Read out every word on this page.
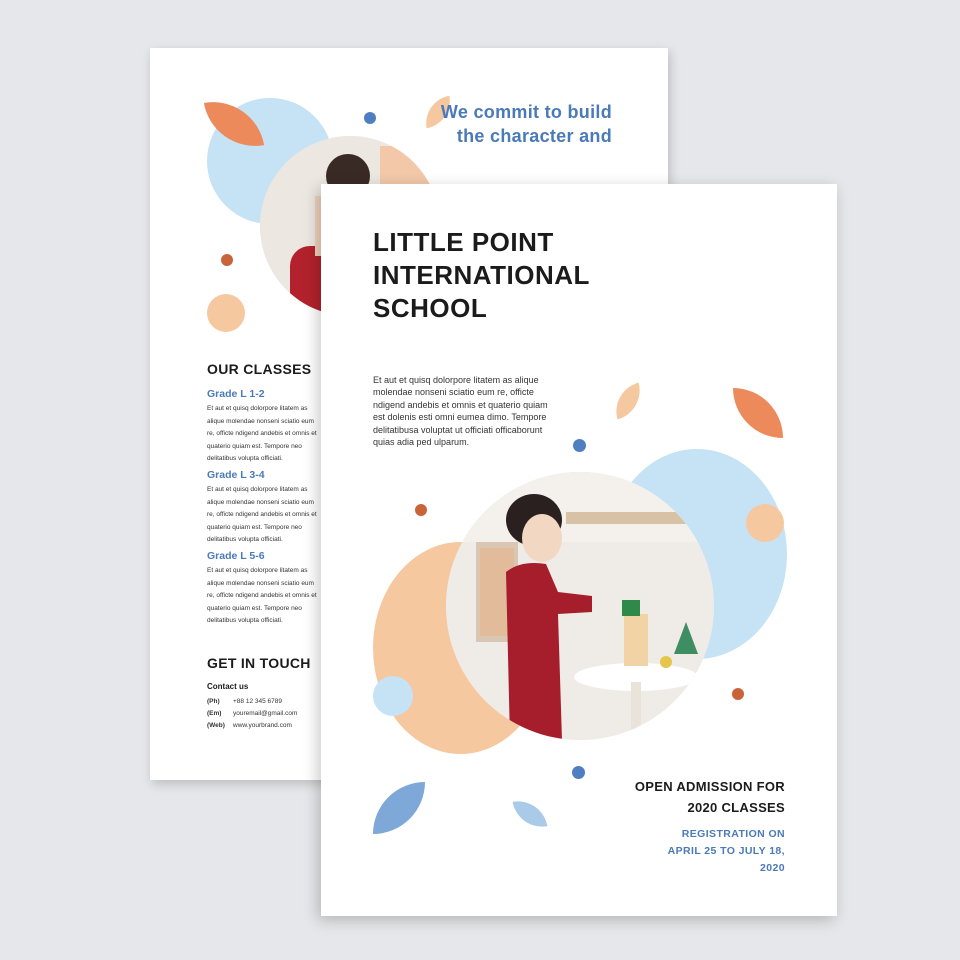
We commit to build the character and
OUR CLASSES
Grade L 1-2
Et aut et quisq dolorpore litatem as alique molendae nonseni sciatio eum re, officte ndigend andebis et omnis et quaterio quiam est. Tempore neo delitatibus volupta officiati.
Grade L 3-4
Et aut et quisq dolorpore litatem as alique molendae nonseni sciatio eum re, officte ndigend andebis et omnis et quaterio quiam est. Tempore neo delitatibus volupta officiati.
Grade L 5-6
Et aut et quisq dolorpore litatem as alique molendae nonseni sciatio eum re, officte ndigend andebis et omnis et quaterio quiam est. Tempore neo delitatibus volupta officiati.
GET IN TOUCH
Contact us
(Ph) +88 12 345 6789
(Em) youremail@gmail.com
(Web) www.yourbrand.com
LITTLE POINT INTERNATIONAL SCHOOL
Et aut et quisq dolorpore litatem as alique molendae nonseni sciatio eum re, officte ndigend andebis et omnis et quaterio quiam est dolenis esti omni eumea dimo. Tempore delitatibusa voluptat ut officiati officaborunt quias adia ped ulparum.
OPEN ADMISSION FOR 2020 CLASSES
REGISTRATION ON APRIL 25 TO JULY 18, 2020
